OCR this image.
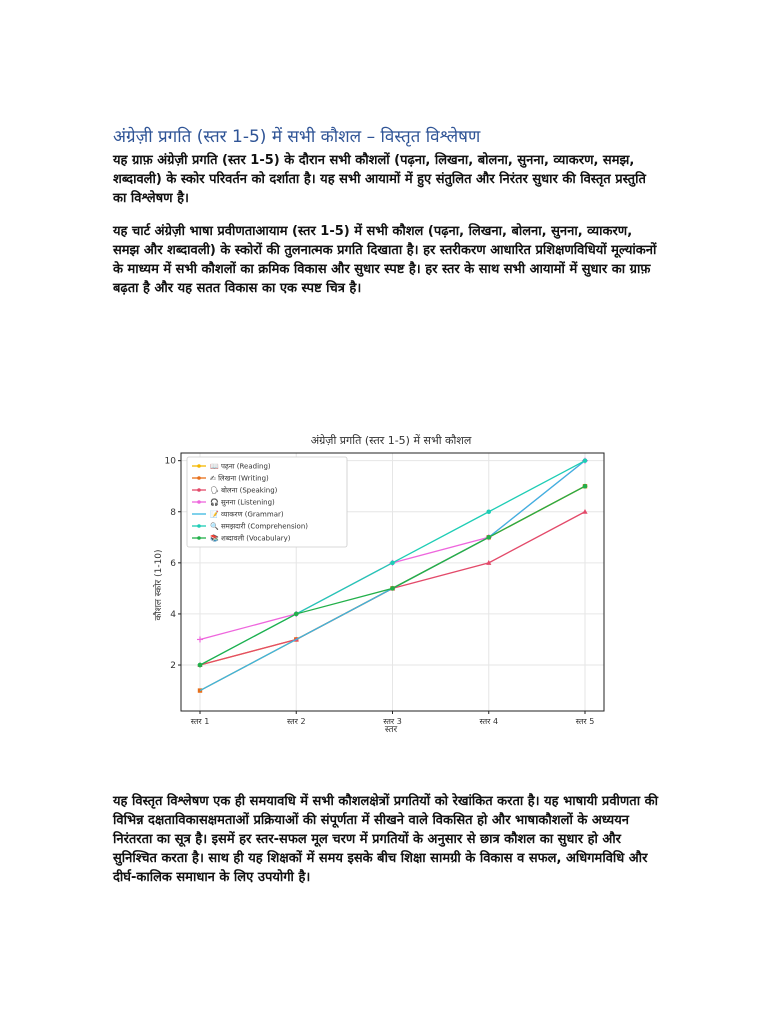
अंग्रेज़ी प्रगति (स्तर 1-5) में सभी कौशल – विस्तृत विश्लेषण

यह ग्राफ़ अंग्रेज़ी प्रगति (स्तर 1-5) के दौरान सभी कौशलों (पढ़ना, लिखना, बोलना, सुनना, व्याकरण, समझ, शब्दावली) के स्कोर परिवर्तन को दर्शाता है। यह सभी आयामों में हुए संतुलित और निरंतर सुधार की विस्तृत प्रस्तुति का विश्लेषण है।

यह चार्ट अंग्रेज़ी भाषा प्रवीणताआयाम (स्तर 1-5) में सभी कौशल (पढ़ना, लिखना, बोलना, सुनना, व्याकरण, समझ और शब्दावली) के स्कोरों की तुलनात्मक प्रगति दिखाता है। हर स्तरीकरण आधारित प्रशिक्षणविधियों मूल्यांकनों के माध्यम में सभी कौशलों का क्रमिक विकास और सुधार स्पष्ट है। हर स्तर के साथ सभी आयामों में सुधार का ग्राफ़ बढ़ता है और यह सतत विकास का एक स्पष्ट चित्र है।

अंग्रेज़ी प्रगति (स्तर 1-5) में सभी कौशल
2
4
6
8
10
स्तर 1	स्तर 2	स्तर 3	स्तर 4	स्तर 5
📖 पढ़ना (Reading)
✍ लिखना (Writing)
🗣 बोलना (Speaking)
🎧 सुनना (Listening)
📝 व्याकरण (Grammar)
🔍 समझदारी (Comprehension)
📚 शब्दावली (Vocabulary)
स्तर
कौशल स्कोर (1-10)

यह विस्तृत विश्लेषण एक ही समयावधि में सभी कौशलक्षेत्रों प्रगतियों को रेखांकित करता है। यह भाषायी प्रवीणता की विभिन्न दक्षताविकासक्षमताओं प्रक्रियाओं की संपूर्णता में सीखने वाले विकसित हो और भाषाकौशलों के अध्ययन निरंतरता का सूत्र है। इसमें हर स्तर-सफल मूल चरण में प्रगतियों के अनुसार से छात्र कौशल का सुधार हो और सुनिश्चित करता है। साथ ही यह शिक्षकों में समय इसके बीच शिक्षा सामग्री के विकास व सफल, अधिगमविधि और दीर्घ-कालिक समाधान के लिए उपयोगी है।
